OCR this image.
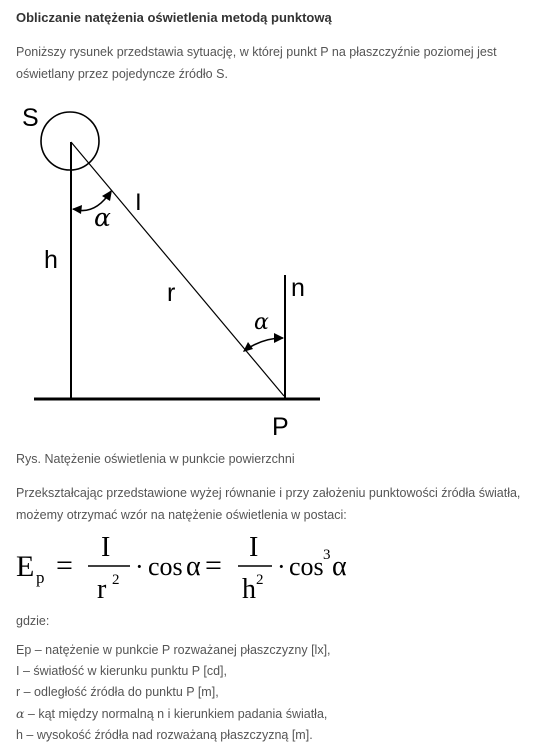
Obliczanie natężenia oświetlenia metodą punktową

Poniższy rysunek przedstawia sytuację, w której punkt P na płaszczyźnie poziomej jest oświetlany przez pojedyncze źródło S.

S
I
h
r	n
P
α
α

Rys. Natężenie oświetlenia w punkcie powierzchni

Przekształcając przedstawione wyżej równanie i przy założeniu punktowości źródła światła, możemy otrzymać wzór na natężenie oświetlenia w postaci:

E p =
I
r 2 · cos α =
I
h 2 · cos 3 α

gdzie:

Ep – natężenie w punkcie P rozważanej płaszczyzny [lx],
I – światłość w kierunku punktu P [cd],
r – odległość źródła do punktu P [m],
α – kąt między normalną n i kierunkiem padania światła,
h – wysokość źródła nad rozważaną płaszczyzną [m].
